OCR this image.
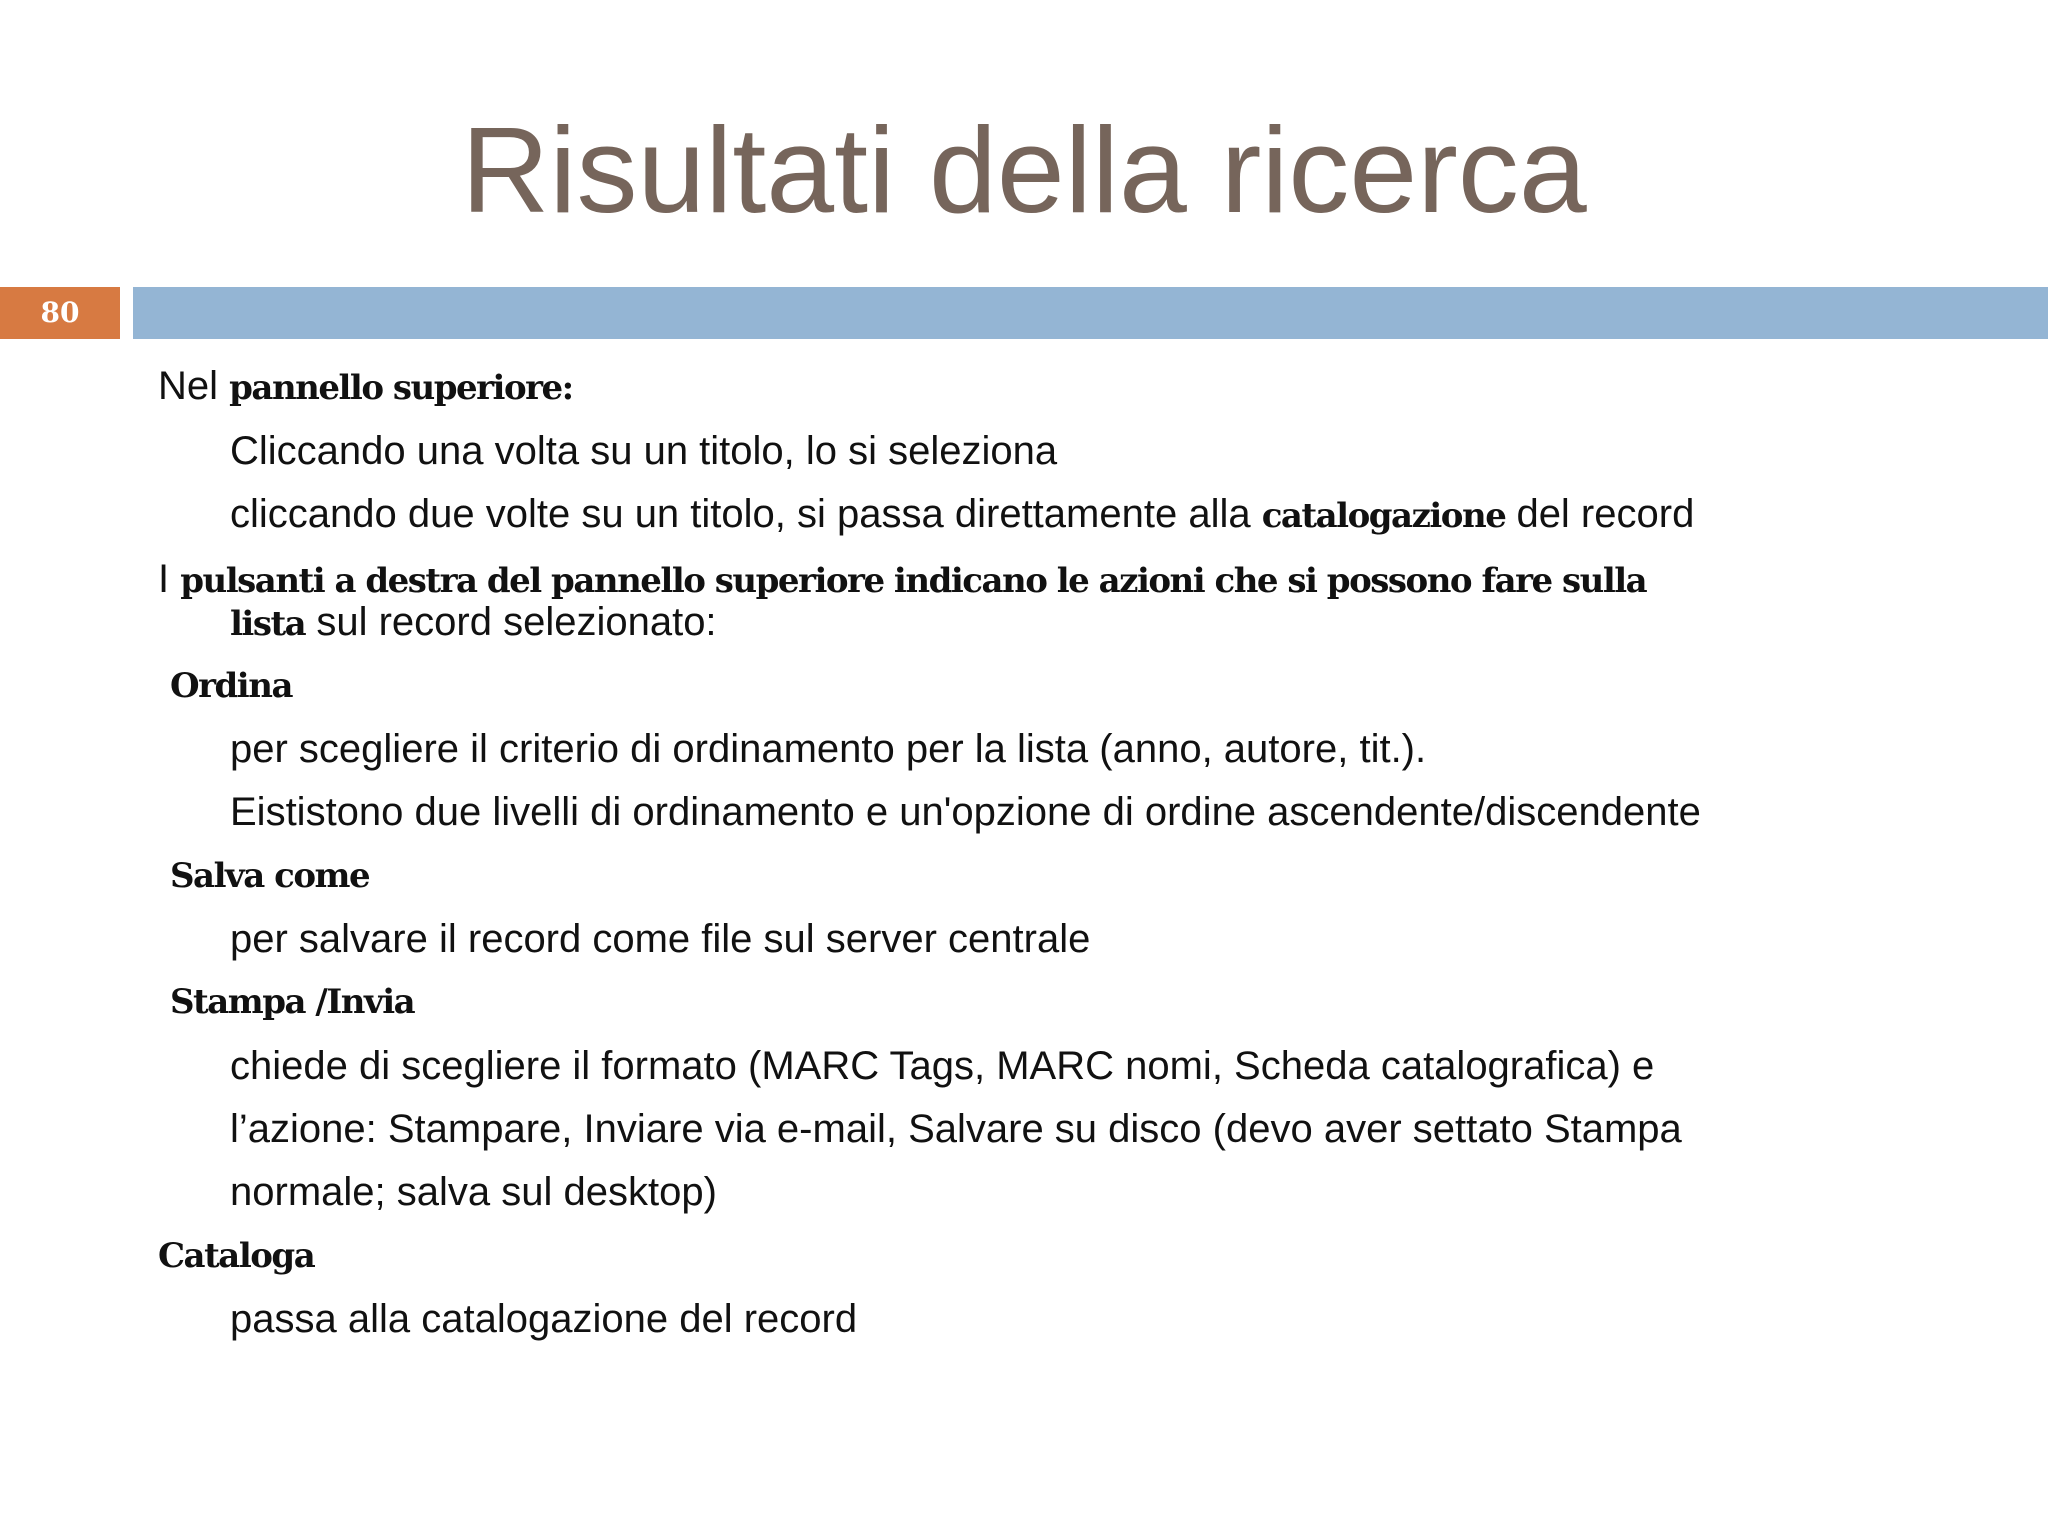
Risultati della ricerca
80
Nel pannello superiore:
Cliccando una volta su un titolo, lo si seleziona
cliccando due volte su un titolo, si passa direttamente alla catalogazione del record
I pulsanti a destra del pannello superiore indicano le azioni che si possono fare sulla
lista sul record selezionato:
Ordina
per scegliere il criterio di ordinamento per la lista (anno, autore, tit.).
Eististono due livelli di ordinamento e un'opzione di ordine ascendente/discendente
Salva come
per salvare il record come file sul server centrale
Stampa /Invia
chiede di scegliere il formato (MARC Tags, MARC nomi, Scheda catalografica) e
l’azione: Stampare, Inviare via e-mail, Salvare su disco (devo aver settato Stampa
normale; salva sul desktop)
Cataloga
passa alla catalogazione del record
